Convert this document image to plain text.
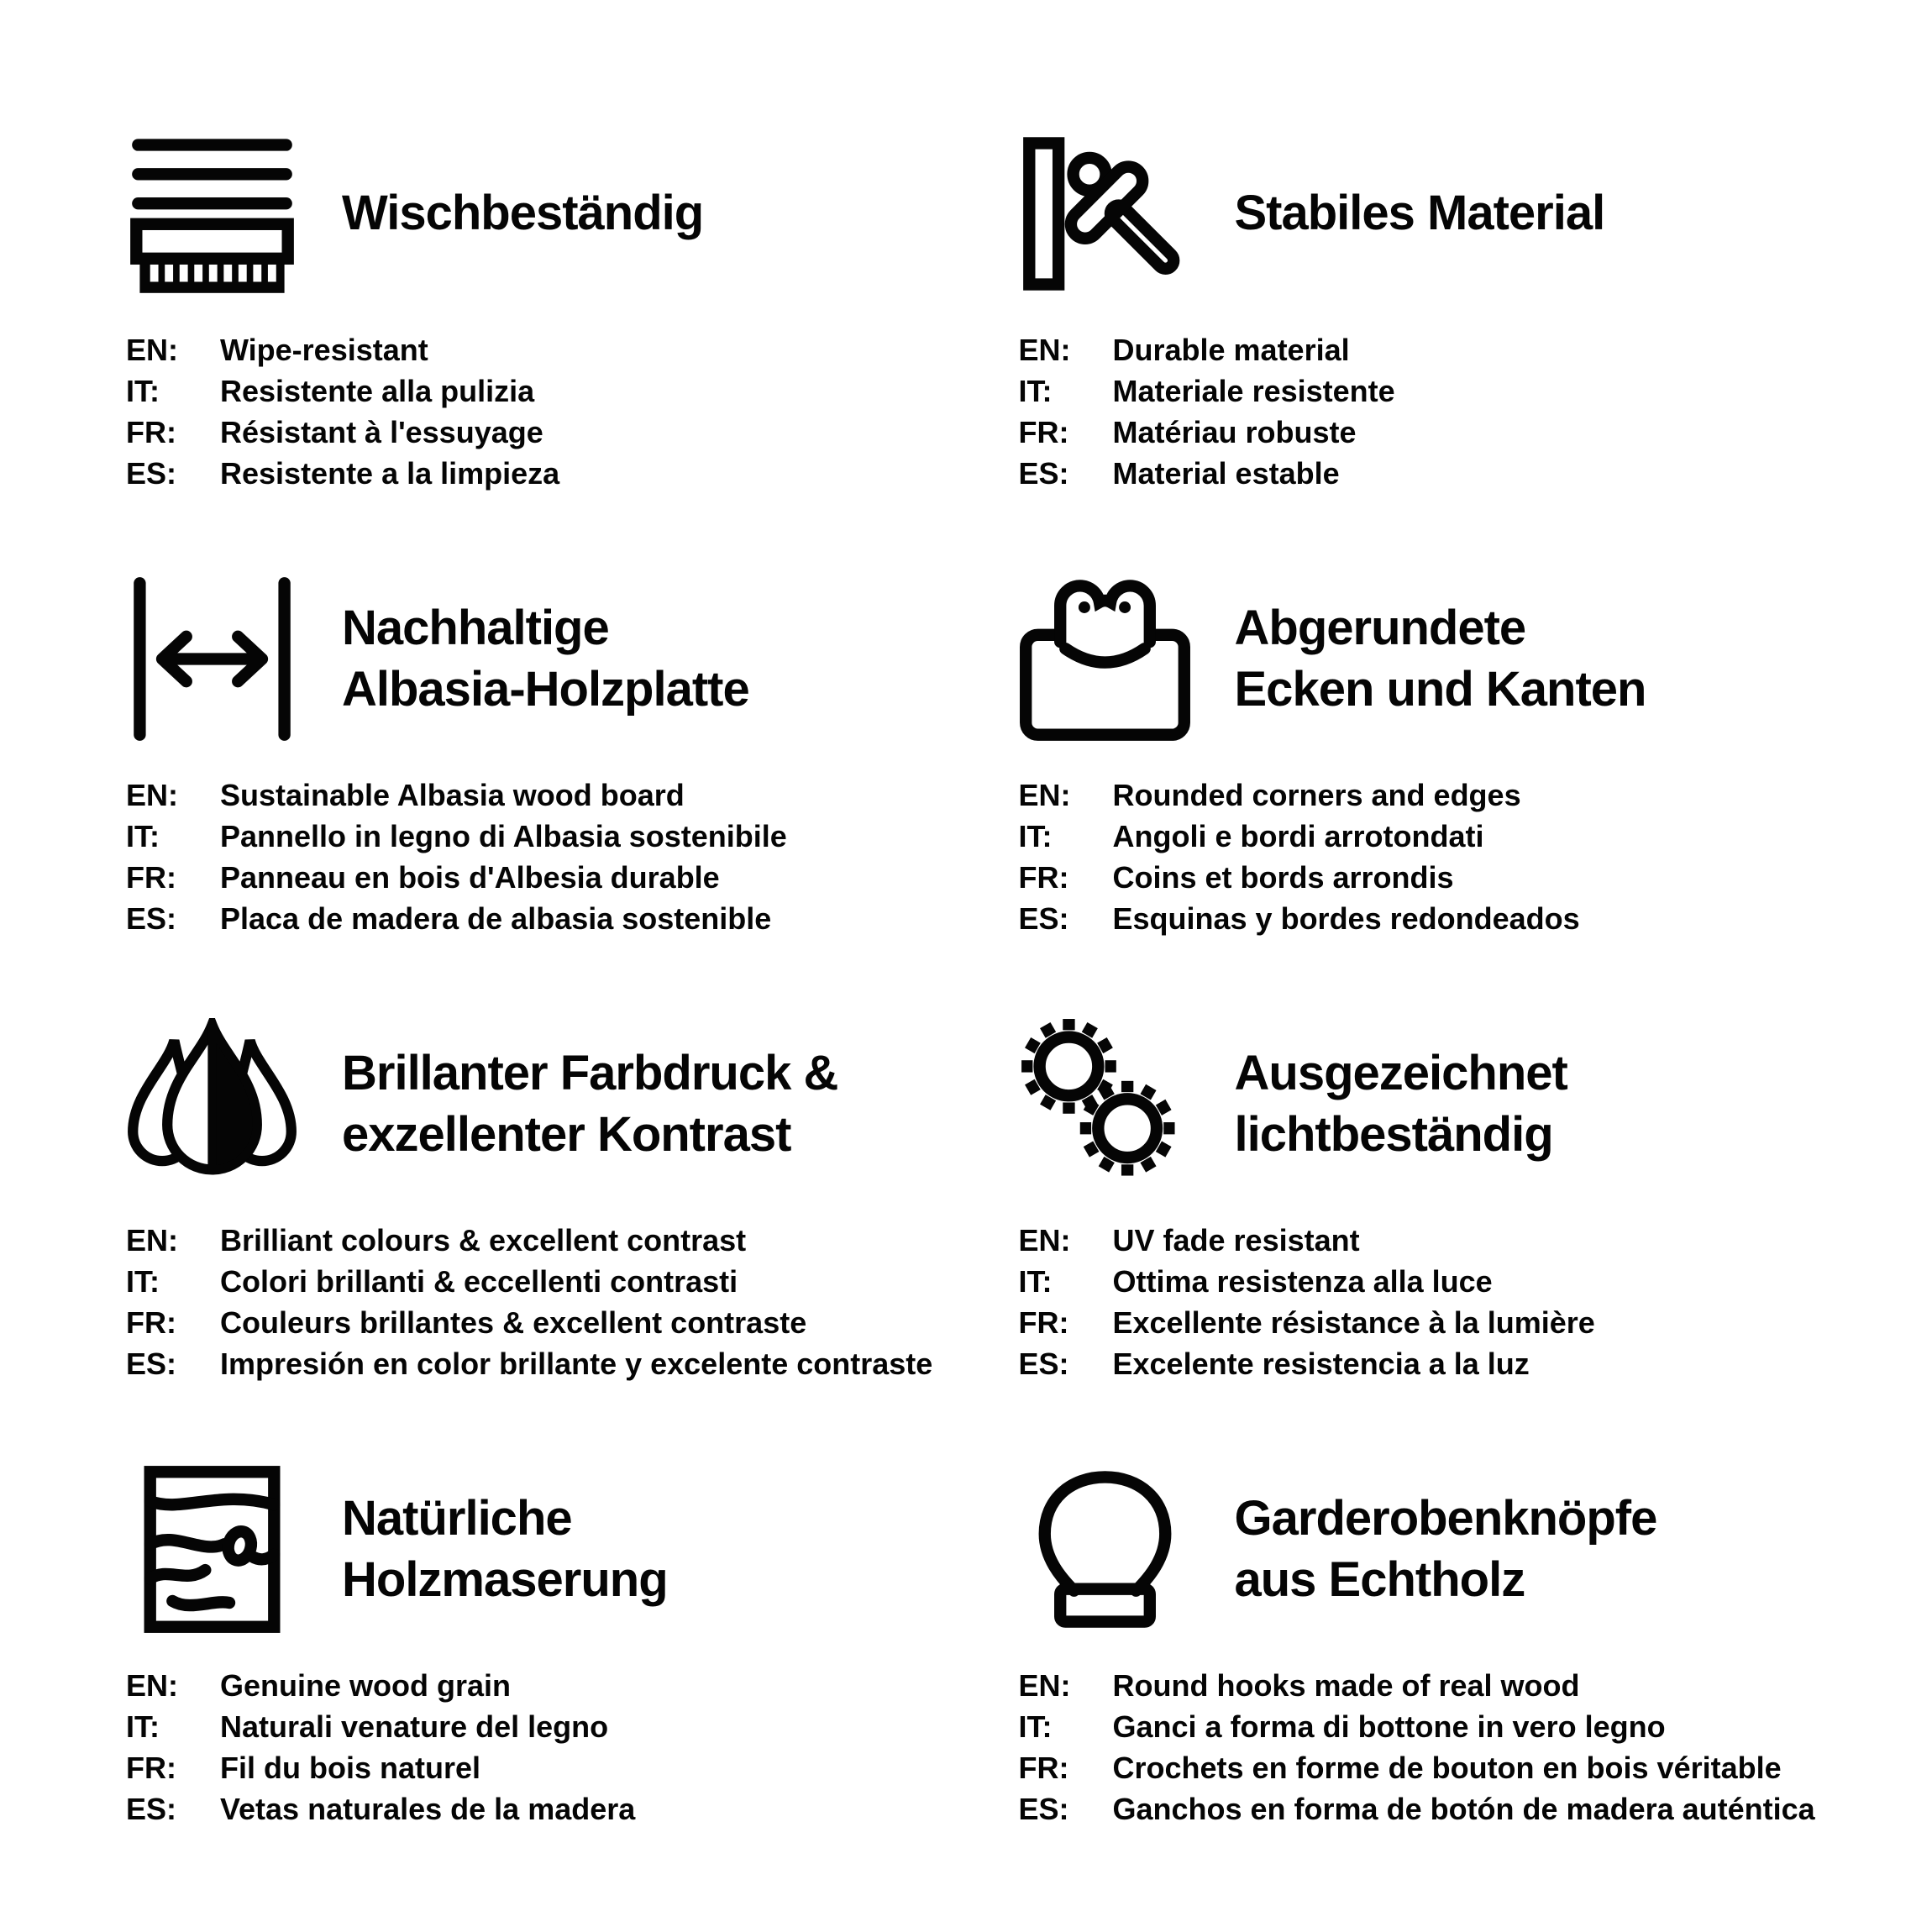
Wischbeständig
EN:	Wipe-resistant
IT:	Resistente alla pulizia
FR:	Résistant à l'essuyage
ES:	Resistente a la limpieza
Stabiles Material
EN:	Durable material
IT:	Materiale resistente
FR:	Matériau robuste
ES:	Material estable
Nachhaltige
Albasia-Holzplatte
EN:	Sustainable Albasia wood board
IT:	Pannello in legno di Albasia sostenibile
FR:	Panneau en bois d'Albesia durable
ES:	Placa de madera de albasia sostenible
Abgerundete
Ecken und Kanten
EN:	Rounded corners and edges
IT:	Angoli e bordi arrotondati
FR:	Coins et bords arrondis
ES:	Esquinas y bordes redondeados
Brillanter Farbdruck &
exzellenter Kontrast
EN:	Brilliant colours & excellent contrast
IT:	Colori brillanti & eccellenti contrasti
FR:	Couleurs brillantes & excellent contraste
ES:	Impresión en color brillante y excelente contraste
Ausgezeichnet
lichtbeständig
EN:	UV fade resistant
IT:	Ottima resistenza alla luce
FR:	Excellente résistance à la lumière
ES:	Excelente resistencia a la luz
Natürliche
Holzmaserung
EN:	Genuine wood grain
IT:	Naturali venature del legno
FR:	Fil du bois naturel
ES:	Vetas naturales de la madera
Garderobenknöpfe
aus Echtholz
EN:	Round hooks made of real wood
IT:	Ganci a forma di bottone in vero legno
FR:	Crochets en forme de bouton en bois véritable
ES:	Ganchos en forma de botón de madera auténtica
